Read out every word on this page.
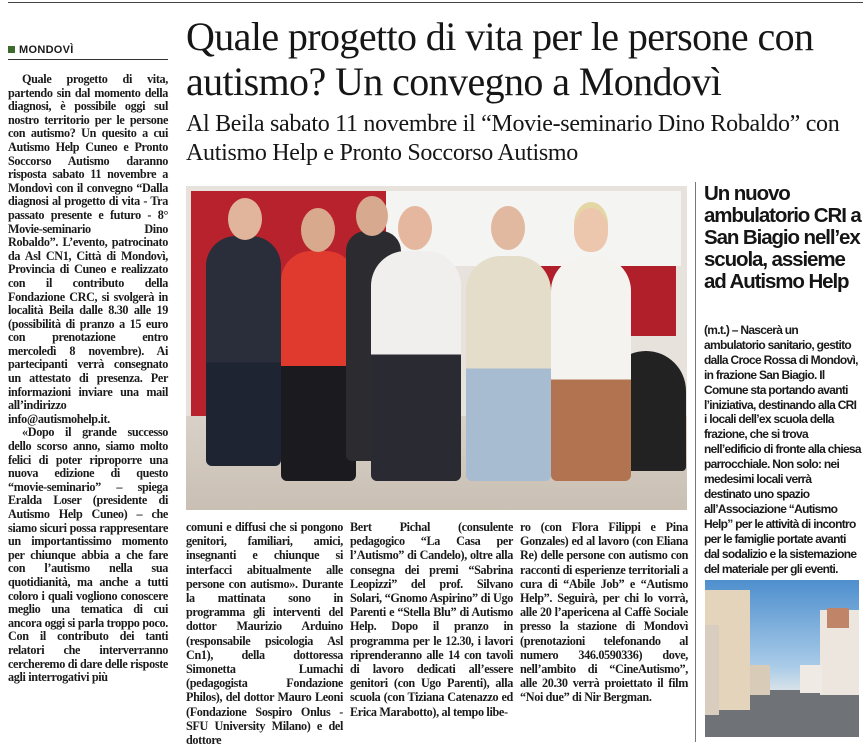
MONDOVÌ

Quale progetto di vita, partendo sin dal momento della diagnosi, è possibile oggi sul nostro territorio per le persone con autismo? Un quesito a cui Autismo Help Cuneo e Pronto Soccorso Autismo daranno risposta sabato 11 novembre a Mondovì con il convegno “Dalla diagnosi al progetto di vita - Tra passato presente e futuro - 8° Movie-seminario Dino Robaldo”. L’evento, patrocinato da Asl CN1, Città di Mondovì, Provincia di Cuneo e realizzato con il contributo della Fondazione CRC, si svolgerà in località Beila dalle 8.30 alle 19 (possibilità di pranzo a 15 euro con prenotazione entro mercoledì 8 novembre). Ai partecipanti verrà consegnato un attestato di presenza. Per informazioni inviare una mail all’indirizzo info@autismohelp.it.

«Dopo il grande successo dello scorso anno, siamo molto felici di poter riproporre una nuova edizione di questo “movie-seminario” – spiega Eralda Loser (presidente di Autismo Help Cuneo) – che siamo sicuri possa rappresentare un importantissimo momento per chiunque abbia a che fare con l’autismo nella sua quotidianità, ma anche a tutti coloro i quali vogliono conoscere meglio una tematica di cui ancora oggi si parla troppo poco. Con il contributo dei tanti relatori che interverranno cercheremo di dare delle risposte agli interrogativi più

Quale progetto di vita per le persone con autismo? Un convegno a Mondovì
Al Beila sabato 11 novembre il “Movie-seminario Dino Robaldo” con Autismo Help e Pronto Soccorso Autismo

comuni e diffusi che si pongono genitori, familiari, amici, insegnanti e chiunque si interfacci abitualmente alle persone con autismo». Durante la mattinata sono in programma gli interventi del dottor Maurizio Arduino (responsabile psicologia Asl Cn1), della dottoressa Simonetta Lumachi (pedagogista Fondazione Philos), del dottor Mauro Leoni (Fondazione Sospiro Onlus - SFU University Milano) e del dottore

Bert Pichal (consulente pedagogico “La Casa per l’Autismo” di Candelo), oltre alla consegna dei premi “Sabrina Leopizzi” del prof. Silvano Solari, “Gnomo Aspirino” di Ugo Parenti e “Stella Blu” di Autismo Help. Dopo il pranzo in programma per le 12.30, i lavori riprenderanno alle 14 con tavoli di lavoro dedicati all’essere genitori (con Ugo Parenti), alla scuola (con Tiziana Catenazzo ed Erica Marabotto), al tempo libe-

ro (con Flora Filippi e Pina Gonzales) ed al lavoro (con Eliana Re) delle persone con autismo con racconti di esperienze territoriali a cura di “Abile Job” e “Autismo Help”. Seguirà, per chi lo vorrà, alle 20 l’apericena al Caffè Sociale presso la stazione di Mondovì (prenotazioni telefonando al numero 346.0590336) dove, nell’ambito di “CineAutismo”, alle 20.30 verrà proiettato il film “Noi due” di Nir Bergman.

Un nuovo ambulatorio CRI a San Biagio nell’ex scuola, assieme ad Autismo Help

(m.t.) – Nascerà un ambulatorio sanitario, gestito dalla Croce Rossa di Mondovì, in frazione San Biagio. Il Comune sta portando avanti l’iniziativa, destinando alla CRI i locali dell’ex scuola della frazione, che si trova nell’edificio di fronte alla chiesa parrocchiale. Non solo: nei medesimi locali verrà destinato uno spazio all’Associazione “Autismo Help” per le attività di incontro per le famiglie portate avanti dal sodalizio e la sistemazione del materiale per gli eventi.
